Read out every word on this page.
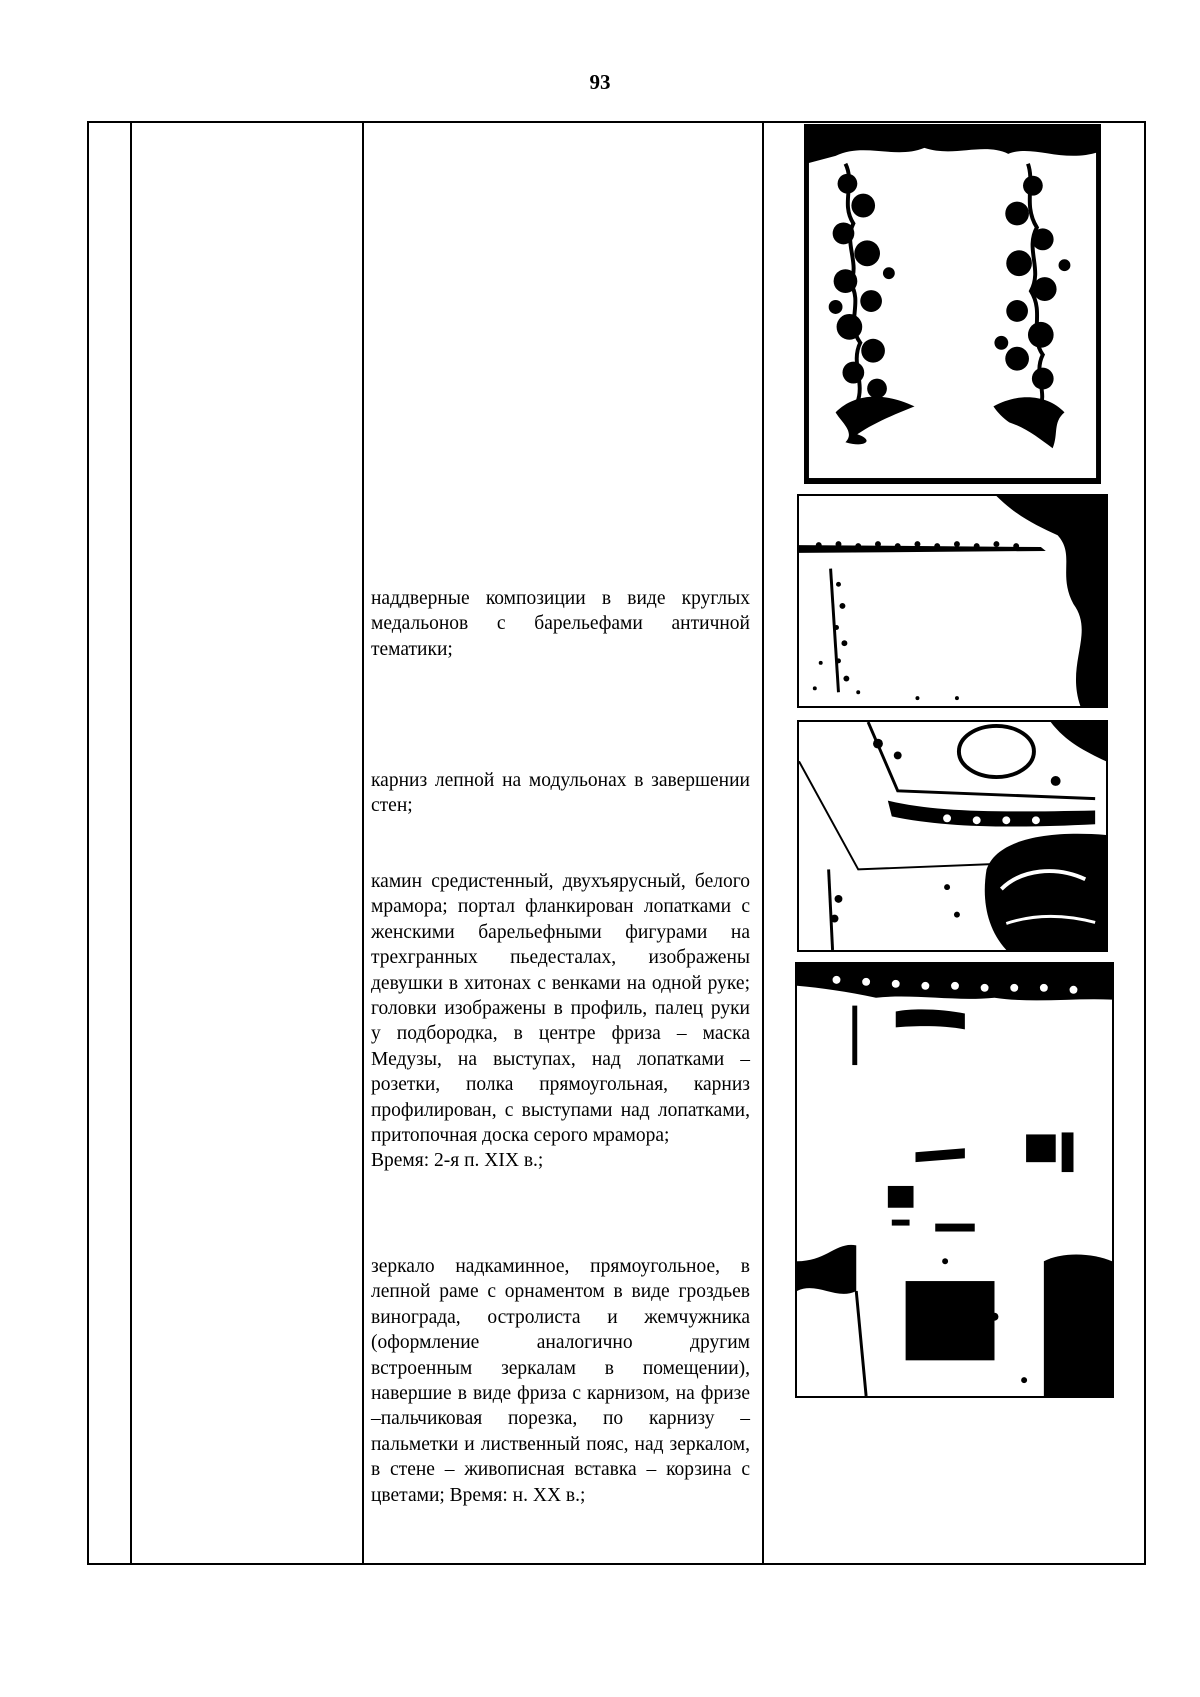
93

наддверные композиции в виде круглых медальонов с барельефами античной тематики;

карниз лепной на модульонах в завершении стен;

камин средистенный, двухъярусный, белого мрамора; портал фланкирован лопатками с женскими барельефными фигурами на трехгранных пьедесталах, изображены девушки в хитонах с венками на одной руке; головки изображены в профиль, палец руки у подбородка, в центре фриза – маска Медузы, на выступах, над лопатками – розетки, полка прямоугольная, карниз профилирован, с выступами над лопатками, притопочная доска серого мрамора;

Время: 2-я п. XIX в.;

зеркало надкаминное, прямоугольное, в лепной раме с орнаментом в виде гроздьев винограда, остролиста и жемчужника (оформление аналогично другим встроенным зеркалам в помещении), навершие в виде фриза с карнизом, на фризе –пальчиковая порезка, по карнизу – пальметки и лиственный пояс, над зеркалом, в стене – живописная вставка – корзина с цветами; Время: н. XX в.;
